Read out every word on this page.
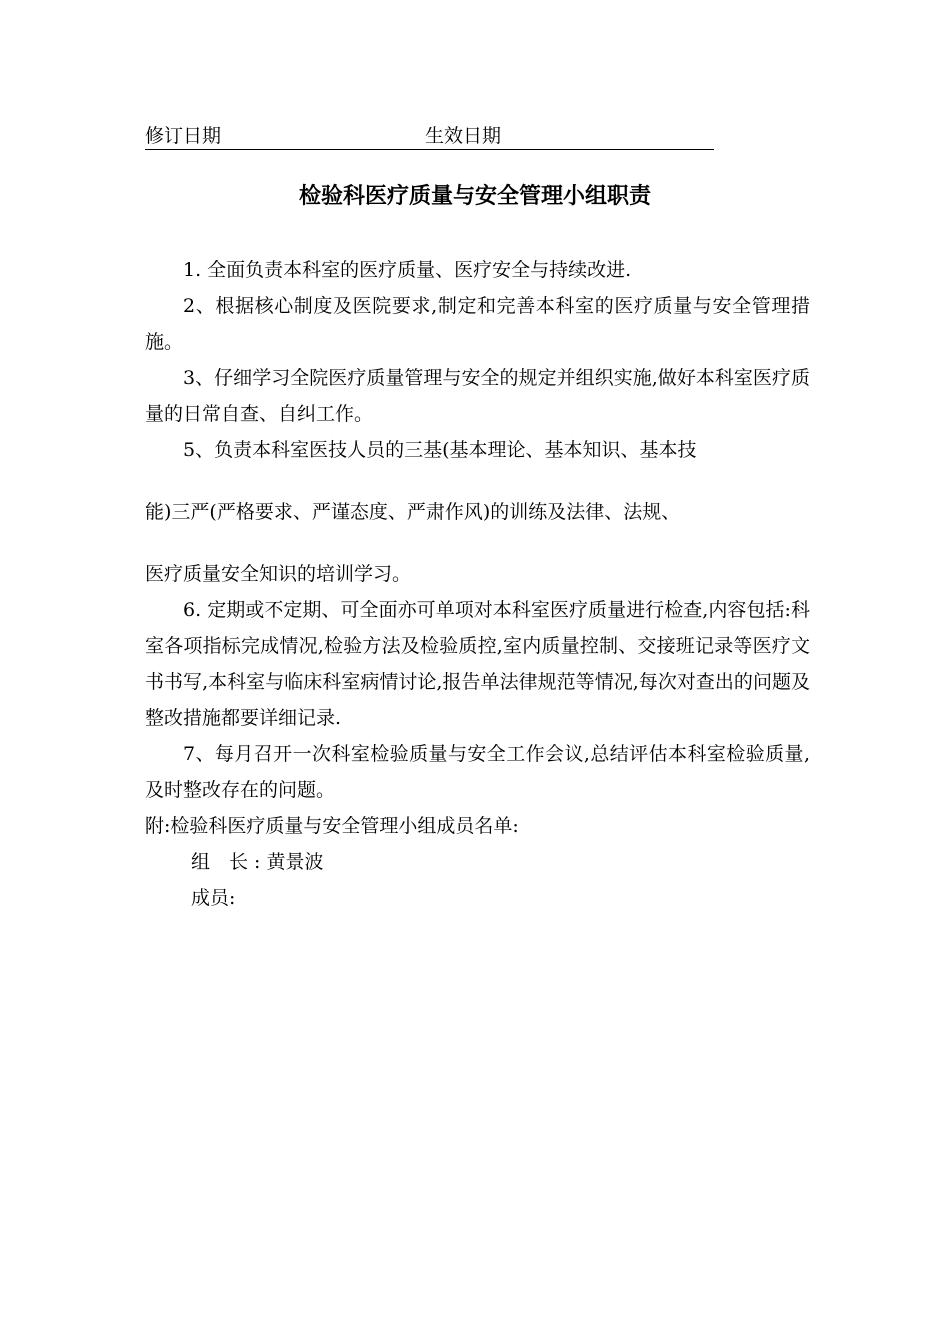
修订日期	生效日期
检验科医疗质量与安全管理小组职责

1. 全面负责本科室的医疗质量、医疗安全与持续改进.

2、根据核心制度及医院要求,制定和完善本科室的医疗质量与安全管理措施。

3、仔细学习全院医疗质量管理与安全的规定并组织实施,做好本科室医疗质量的日常自查、自纠工作。

5、负责本科室医技人员的三基(基本理论、基本知识、基本技

能)三严(严格要求、严谨态度、严肃作风)的训练及法律、法规、

医疗质量安全知识的培训学习。

6. 定期或不定期、可全面亦可单项对本科室医疗质量进行检查,内容包括:科室各项指标完成情况,检验方法及检验质控,室内质量控制、交接班记录等医疗文书书写,本科室与临床科室病情讨论,报告单法律规范等情况,每次对查出的问题及整改措施都要详细记录.

7、每月召开一次科室检验质量与安全工作会议,总结评估本科室检验质量,及时整改存在的问题。

附:检验科医疗质量与安全管理小组成员名单:

组　长 : 黄景波

成员:
